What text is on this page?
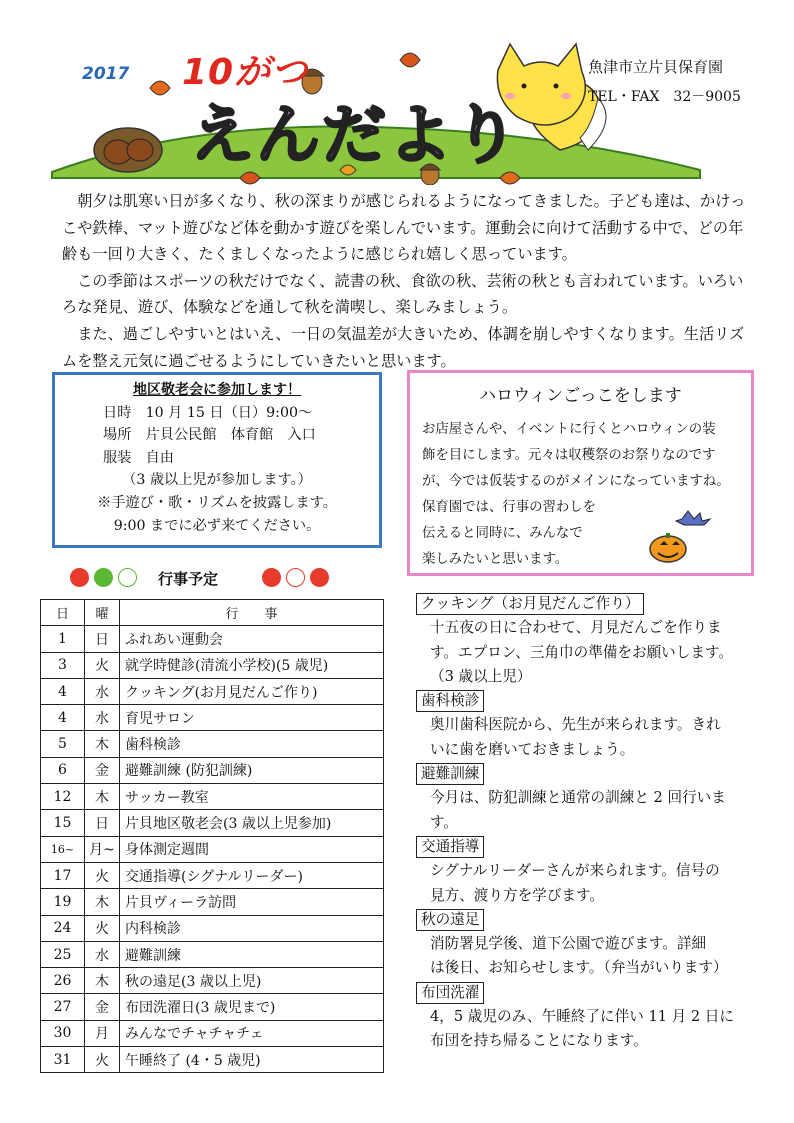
2017 10がつ
えんだより
魚津市立片貝保育園
TEL・FAX　32－9005

朝夕は肌寒い日が多くなり、秋の深まりが感じられるようになってきました。子ども達は、かけっこや鉄棒、マット遊びなど体を動かす遊びを楽しんでいます。運動会に向けて活動する中で、どの年齢も一回り大きく、たくましくなったように感じられ嬉しく思っています。

この季節はスポーツの秋だけでなく、読書の秋、食欲の秋、芸術の秋とも言われています。いろいろな発見、遊び、体験などを通して秋を満喫し、楽しみましょう。

また、過ごしやすいとはいえ、一日の気温差が大きいため、体調を崩しやすくなります。生活リズムを整え元気に過ごせるようにしていきたいと思います。

地区敬老会に参加します！
日時　10 月 15 日（日）9:00～
場所　片貝公民館　体育館　入口
服装　自由
（3 歳以上児が参加します。）
※手遊び・歌・リズムを披露します。
9:00 までに必ず来てください。
ハロウィンごっこをします

お店屋さんや、イベントに行くとハロウィンの装

飾を目にします。元々は収穫祭のお祭りなのです

が、今では仮装するのがメインになっていますね。

保育園では、行事の習わしを

伝えると同時に、みんなで

楽しみたいと思います。

行事予定
日	曜	行　　事
1	日	ふれあい運動会
3	火	就学時健診(清流小学校)(5 歳児)
4	水	クッキング(お月見だんご作り)
4	水	育児サロン
5	木	歯科検診
6	金	避難訓練 (防犯訓練)
12	木	サッカー教室
15	日	片貝地区敬老会(3 歳以上児参加)
16~	月~	身体測定週間
17	火	交通指導(シグナルリーダー)
19	木	片貝ヴィーラ訪問
24	火	内科検診
25	水	避難訓練
26	木	秋の遠足(3 歳以上児)
27	金	布団洗濯日(3 歳児まで)
30	月	みんなでチャチャチェ
31	火	午睡終了 (4・5 歳児)
クッキング（お月見だんご作り）

十五夜の日に合わせて、月見だんごを作りま

す。エプロン、三角巾の準備をお願いします。

（3 歳以上児）

歯科検診

奥川歯科医院から、先生が来られます。きれ

いに歯を磨いておきましょう。

避難訓練

今月は、防犯訓練と通常の訓練と 2 回行いま

す。

交通指導

シグナルリーダーさんが来られます。信号の

見方、渡り方を学びます。

秋の遠足

消防署見学後、道下公園で遊びます。詳細

は後日、お知らせします。（弁当がいります）

布団洗濯

4，5 歳児のみ、午睡終了に伴い 11 月 2 日に

布団を持ち帰ることになります。
